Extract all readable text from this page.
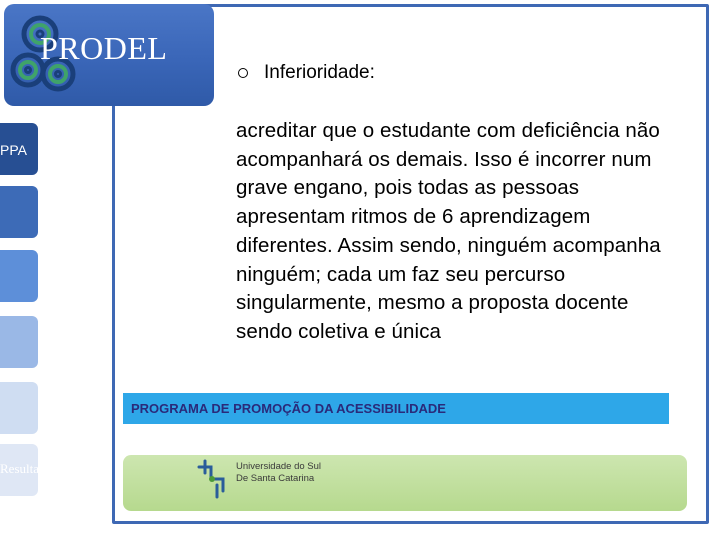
PRODEL
PPA
Resultados
Inferioridade:
acreditar que o estudante com deficiência não acompanhará os demais. Isso é incorrer num grave engano, pois todas as pessoas apresentam ritmos de 6 aprendizagem diferentes. Assim sendo, ninguém acompanha ninguém; cada um faz seu percurso singularmente, mesmo a proposta docente sendo coletiva e única
PROGRAMA DE PROMOÇÃO DA ACESSIBILIDADE
Universidade do Sul
De Santa Catarina
